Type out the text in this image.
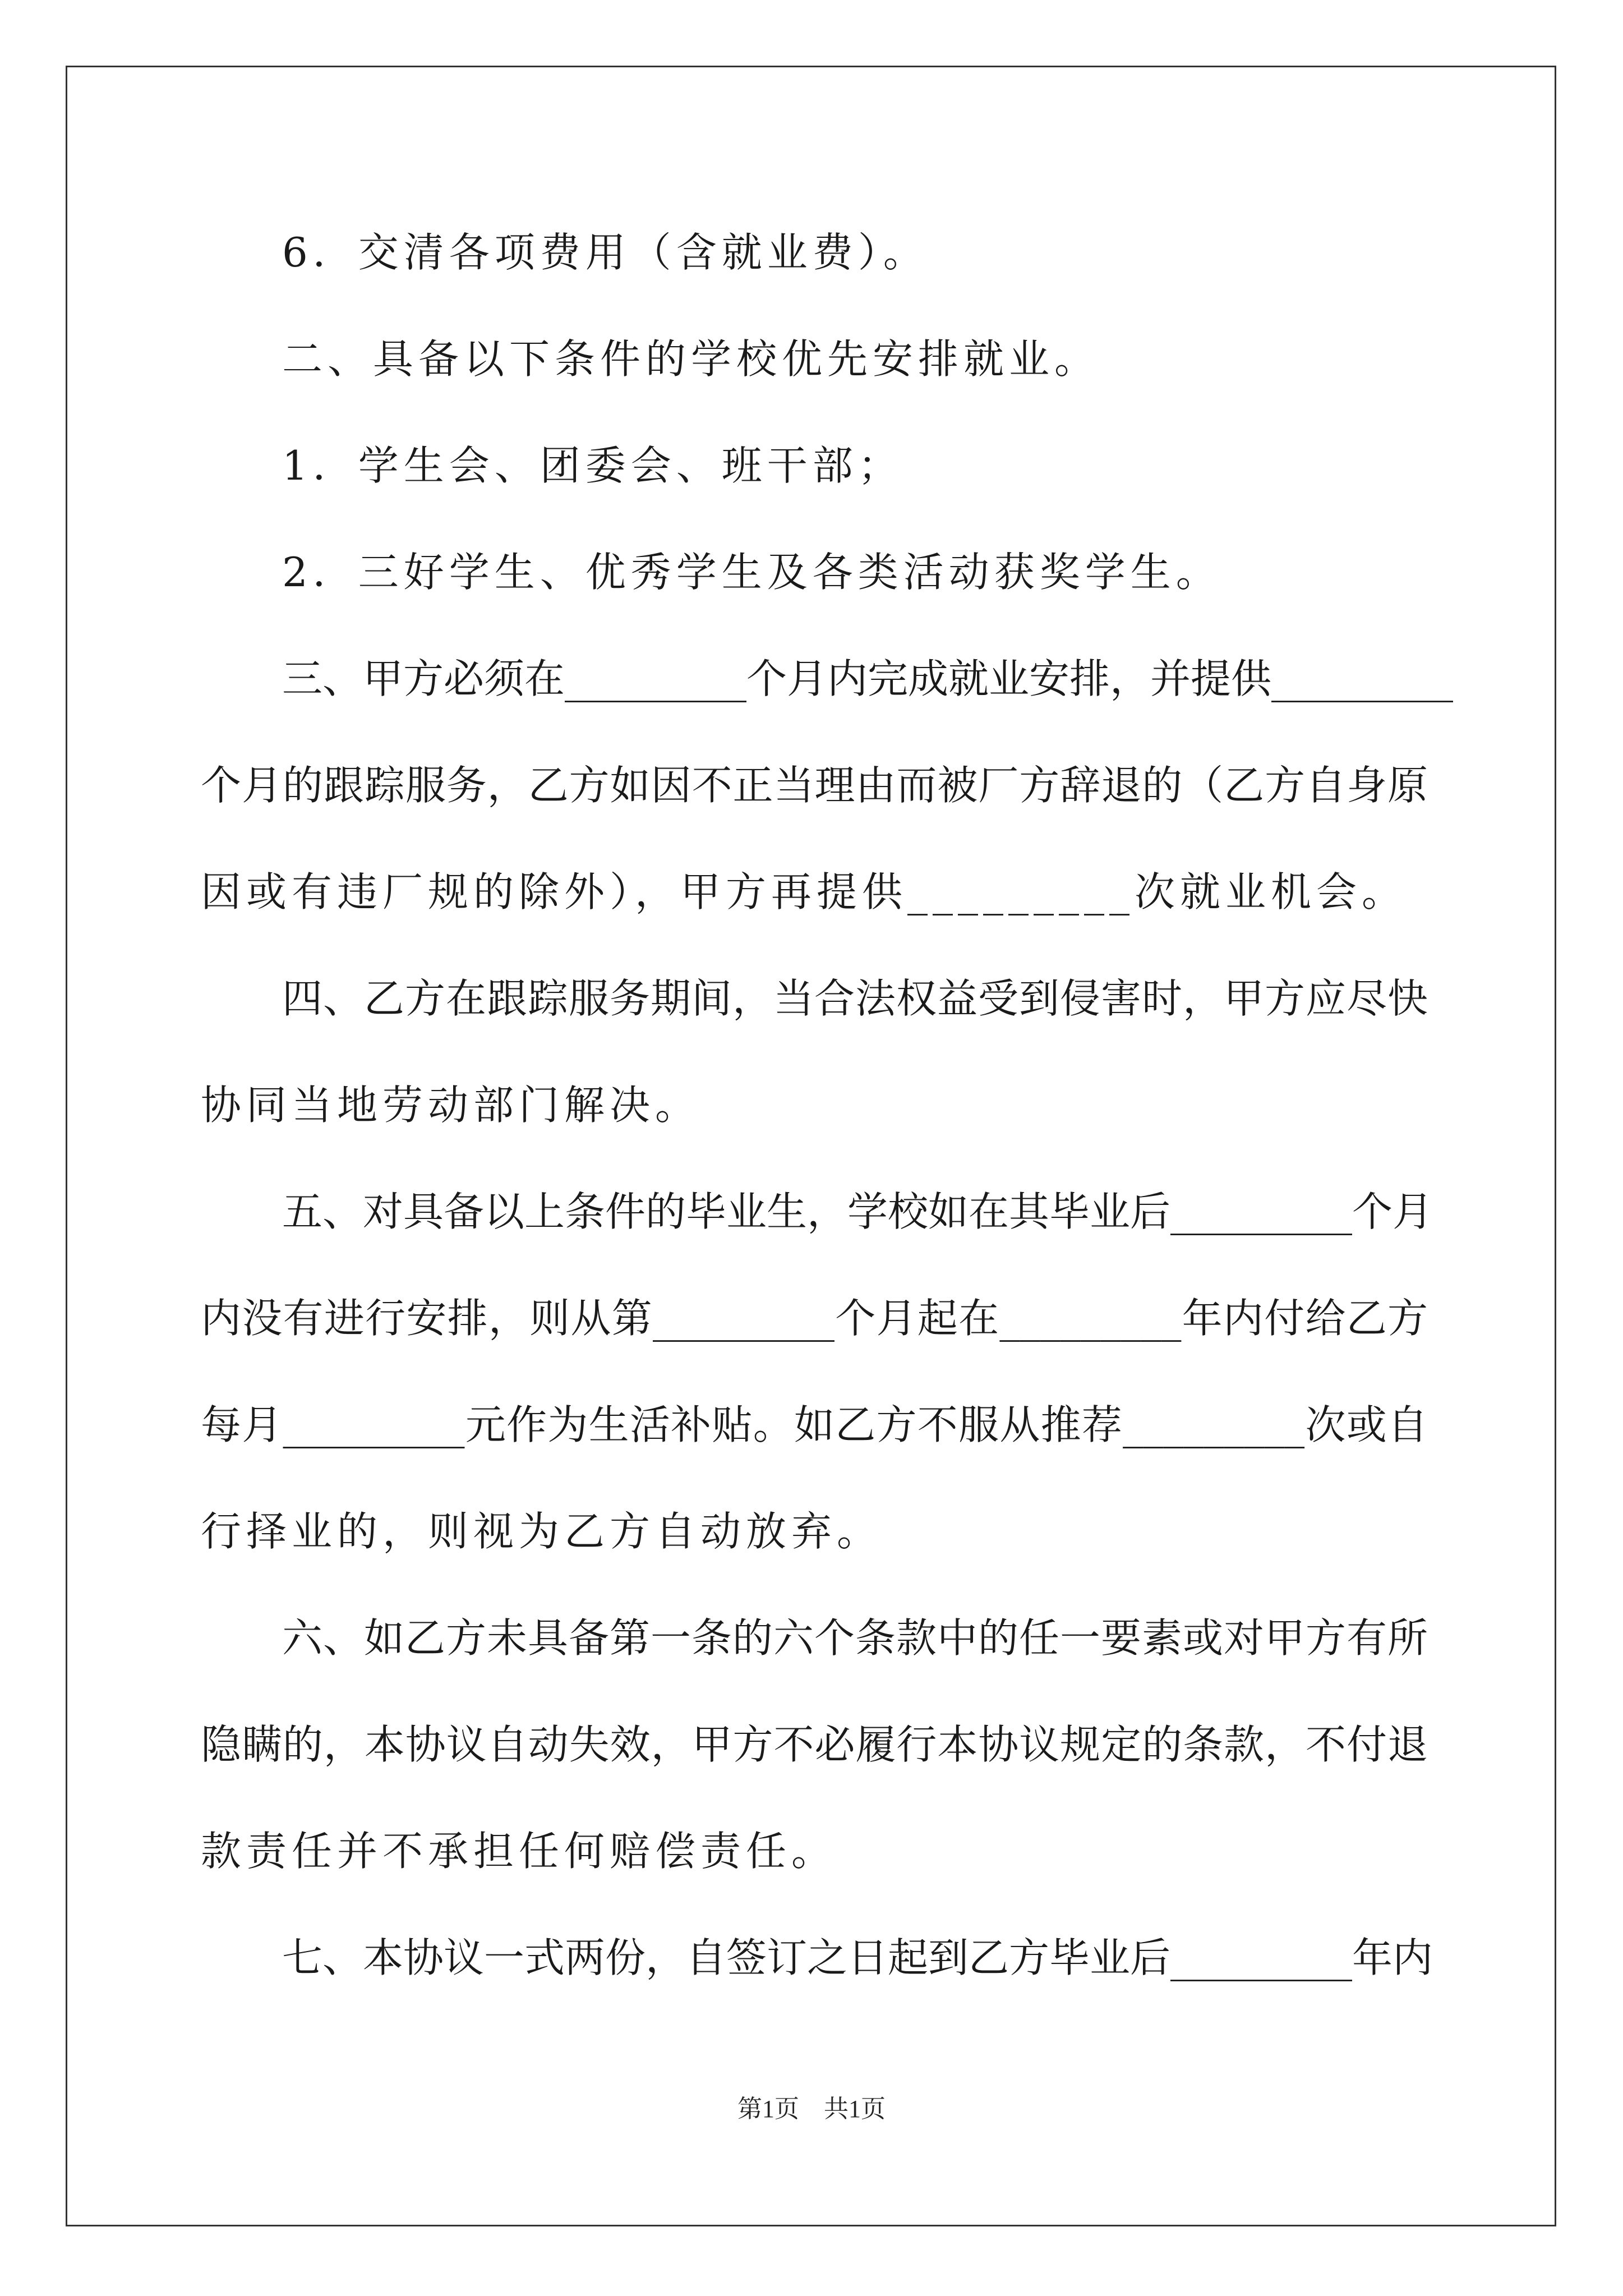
6．交清各项费用（含就业费）。
二、具备以下条件的学校优先安排就业。
1．学生会、团委会、班干部；
2．三好学生、优秀学生及各类活动获奖学生。
三、甲方必须在_________个月内完成就业安排，并提供_________
个月的跟踪服务，乙方如因不正当理由而被厂方辞退的（乙方自身原
因或有违厂规的除外），甲方再提供_________次就业机会。
四、乙方在跟踪服务期间，当合法权益受到侵害时，甲方应尽快
协同当地劳动部门解决。
五、对具备以上条件的毕业生，学校如在其毕业后_________个月
内没有进行安排，则从第_________个月起在_________年内付给乙方
每月_________元作为生活补贴。如乙方不服从推荐_________次或自
行择业的，则视为乙方自动放弃。
六、如乙方未具备第一条的六个条款中的任一要素或对甲方有所
隐瞒的，本协议自动失效，甲方不必履行本协议规定的条款，不付退
款责任并不承担任何赔偿责任。
七、本协议一式两份，自签订之日起到乙方毕业后_________年内
第1页　共1页
